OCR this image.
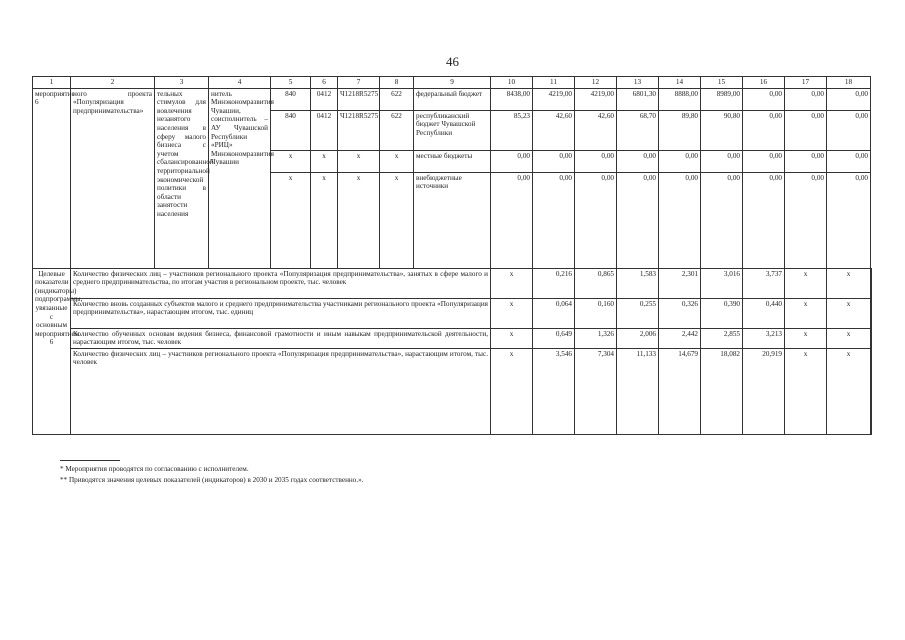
46
1	2	3	4	5	6	7	8	9	10	11	12	13	14	15	16	17	18	
мероприятие 6	ного проекта «Популяризация предпринимательства»	тельных стимулов для вовлечения незанятого населения в сферу малого бизнеса с учетом сбалансированной территориальной экономической политики в области занятости населения	нитель Минэкономразвития Чувашии, соисполнитель – АУ Чувашской Республики «РИЦ» Минэкономразвития Чувашии	840	0412	Ч1218R5275	622	федеральный бюджет	8438,00	4219,00	4219,00	6801,30	8888,00	8989,00	0,00	0,00	0,00	
				840	0412	Ч1218R5275	622	республиканский бюджет Чувашской Республики	85,23	42,60	42,60	68,70	89,80	90,80	0,00	0,00	0,00	
				х	х	х	х	местные бюджеты	0,00	0,00	0,00	0,00	0,00	0,00	0,00	0,00	0,00	
				х	х	х	х	внебюджетные источники	0,00	0,00	0,00	0,00	0,00	0,00	0,00	0,00	0,00	
Целевые показатели (индикаторы) подпрограммы, увязанные с основным мероприятием 6	Количество физических лиц – участников регионального проекта «Популяризация предпринимательства», занятых в сфере малого и среднего предпринимательства, по итогам участия в региональном проекте, тыс. человек								х	0,216	0,865	1,583	2,301	3,016	3,737	х	х	
	Количество вновь созданных субъектов малого и среднего предпринимательства участниками регионального проекта «Популяризация предпринимательства», нарастающим итогом, тыс. единиц								х	0,064	0,160	0,255	0,326	0,390	0,440	х	х	
	Количество обученных основам ведения бизнеса, финансовой грамотности и иным навыкам предпринимательской деятельности, нарастающим итогом, тыс. человек								х	0,649	1,326	2,006	2,442	2,855	3,213	х	х	
	Количество физических лиц – участников регионального проекта «Популяризация предпринимательства», нарастающим итогом, тыс. человек								х	3,546	7,304	11,133	14,679	18,082	20,919	х	х	
* Мероприятия проводятся по согласованию с исполнителем.
** Приводятся значения целевых показателей (индикаторов) в 2030 и 2035 годах соответственно.».
